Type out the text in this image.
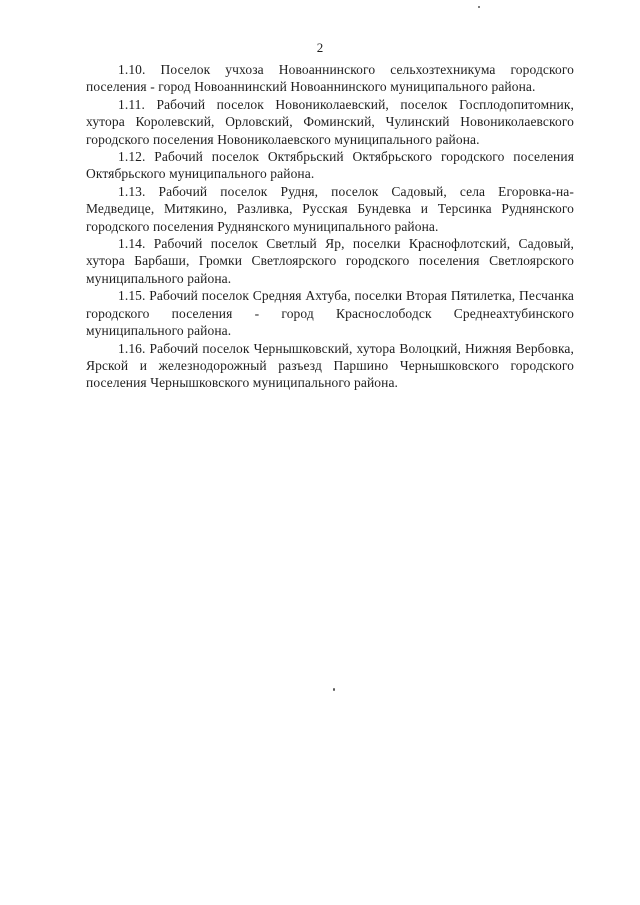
2

1.10. Поселок учхоза Новоаннинского сельхозтехникума городского поселения - город Новоаннинский Новоаннинского муниципального района.

1.11. Рабочий поселок Новониколаевский, поселок Госплодопитомник, хутора Королевский, Орловский, Фоминский, Чулинский Новониколаевского городского поселения Новониколаевского муниципального района.

1.12. Рабочий поселок Октябрьский Октябрьского городского поселения Октябрьского муниципального района.

1.13. Рабочий поселок Рудня, поселок Садовый, села Егоровка-на-Медведице, Митякино, Разливка, Русская Бундевка и Терсинка Руднянского городского поселения Руднянского муниципального района.

1.14. Рабочий поселок Светлый Яр, поселки Краснофлотский, Садовый, хутора Барбаши, Громки Светлоярского городского поселения Светлоярского муниципального района.

1.15. Рабочий поселок Средняя Ахтуба, поселки Вторая Пятилетка, Песчанка городского поселения - город Краснослободск Среднеахтубинского муниципального района.

1.16. Рабочий поселок Чернышковский, хутора Волоцкий, Нижняя Вербовка, Ярской и железнодорожный разъезд Паршино Чернышковского городского поселения Чернышковского муниципального района.
